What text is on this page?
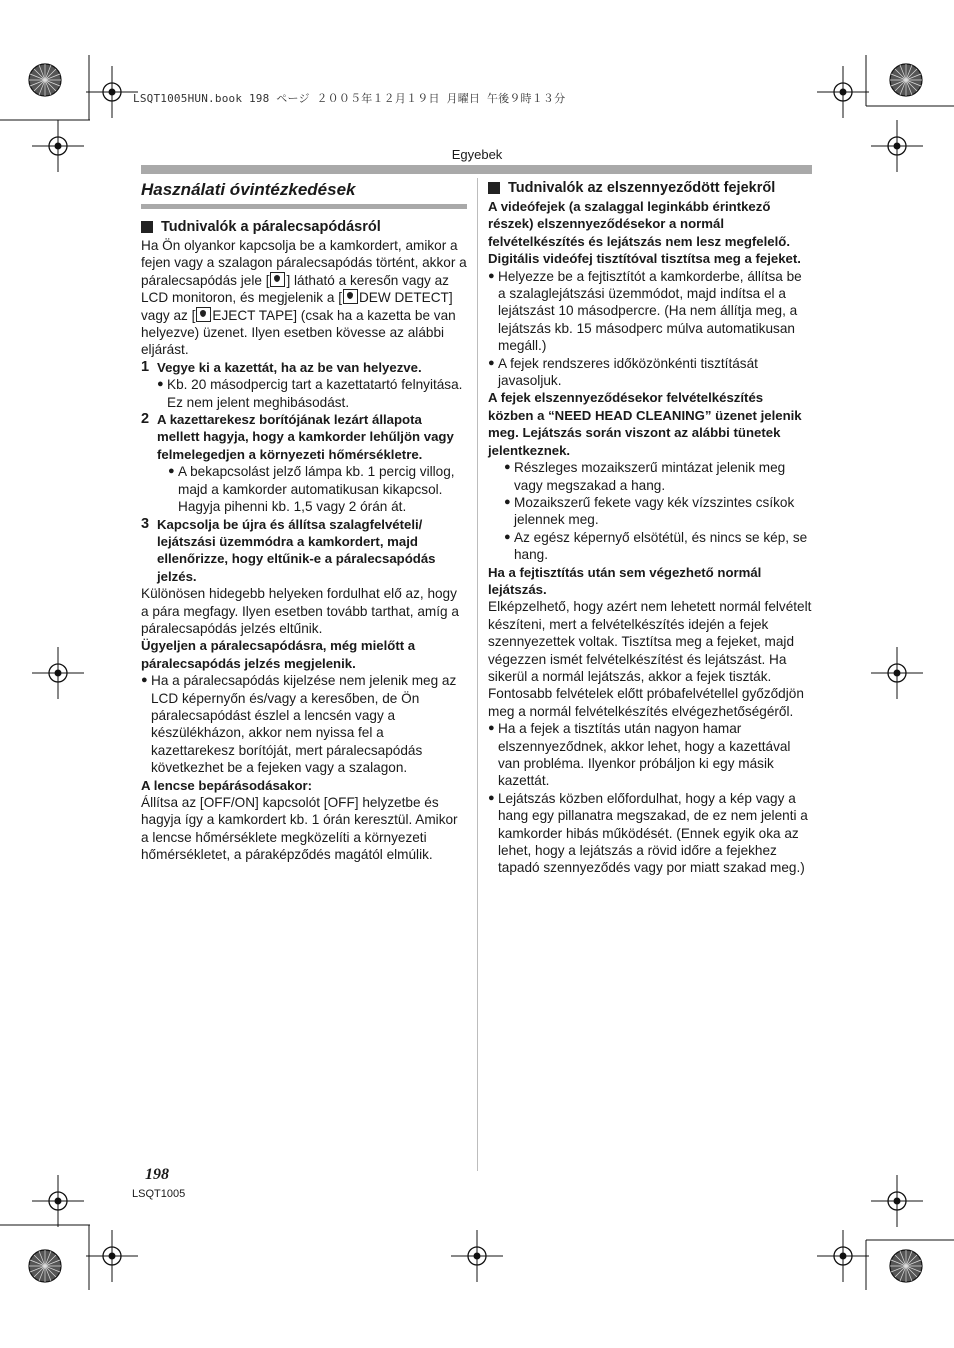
LSQT1005HUN.book 198 ページ ２００５年１２月１９日 月曜日 午後９時１３分
Egyebek
Használati óvintézkedések
Tudnivalók a páralecsapódásról

Ha Ön olyankor kapcsolja be a kamkordert, amikor a fejen vagy a szalagon páralecsapódás történt, akkor a páralecsapódás jele [ ] látható a keresőn vagy az LCD monitoron, és megjelenik a [ DEW DETECT] vagy az [ EJECT TAPE] (csak ha a kazetta be van helyezve) üzenet. Ilyen esetben kövesse az alábbi eljárást.

1 Vegye ki a kazettát, ha az be van helyezve.
● Kb. 20 másodpercig tart a kazettatartó felnyitása. Ez nem jelent meghibásodást.
2 A kazettarekesz borítójának lezárt állapota mellett hagyja, hogy a kamkorder lehűljön vagy felmelegedjen a környezeti hőmérsékletre.
● A bekapcsolást jelző lámpa kb. 1 percig villog, majd a kamkorder automatikusan kikapcsol. Hagyja pihenni kb. 1,5 vagy 2 órán át.
3 Kapcsolja be újra és állítsa szalagfelvételi/ lejátszási üzemmódra a kamkordert, majd ellenőrizze, hogy eltűnik-e a páralecsapódás jelzés.

Különösen hidegebb helyeken fordulhat elő az, hogy a pára megfagy. Ilyen esetben tovább tarthat, amíg a páralecsapódás jelzés eltűnik.

Ügyeljen a páralecsapódásra, még mielőtt a páralecsapódás jelzés megjelenik.

● Ha a páralecsapódás kijelzése nem jelenik meg az LCD képernyőn és/vagy a keresőben, de Ön páralecsapódást észlel a lencsén vagy a készülékházon, akkor nem nyissa fel a kazettarekesz borítóját, mert páralecsapódás következhet be a fejeken vagy a szalagon.

A lencse bepárásodásakor:

Állítsa az [OFF/ON] kapcsolót [OFF] helyzetbe és hagyja így a kamkordert kb. 1 órán keresztül. Amikor a lencse hőmérséklete megközelíti a környezeti hőmérsékletet, a páraképződés magától elmúlik.

Tudnivalók az elszennyeződött fejekről

A videófejek (a szalaggal leginkább érintkező részek) elszennyeződésekor a normál felvételkészítés és lejátszás nem lesz megfelelő. Digitális videófej tisztítóval tisztítsa meg a fejeket.

● Helyezze be a fejtisztítót a kamkorderbe, állítsa be a szalaglejátszási üzemmódot, majd indítsa el a lejátszást 10 másodpercre. (Ha nem állítja meg, a lejátszás kb. 15 másodperc múlva automatikusan megáll.)
● A fejek rendszeres időközönkénti tisztítását javasoljuk.

A fejek elszennyeződésekor felvételkészítés közben a “NEED HEAD CLEANING” üzenet jelenik meg. Lejátszás során viszont az alábbi tünetek jelentkeznek.

● Részleges mozaikszerű mintázat jelenik meg vagy megszakad a hang.
● Mozaikszerű fekete vagy kék vízszintes csíkok jelennek meg.
● Az egész képernyő elsötétül, és nincs se kép, se hang.

Ha a fejtisztítás után sem végezhető normál lejátszás.

Elképzelhető, hogy azért nem lehetett normál felvételt készíteni, mert a felvételkészítés idején a fejek szennyezettek voltak. Tisztítsa meg a fejeket, majd végezzen ismét felvételkészítést és lejátszást. Ha sikerül a normál lejátszás, akkor a fejek tiszták. Fontosabb felvételek előtt próbafelvétellel győződjön meg a normál felvételkészítés elvégezhetőségéről.

● Ha a fejek a tisztítás után nagyon hamar elszennyeződnek, akkor lehet, hogy a kazettával van probléma. Ilyenkor próbáljon ki egy másik kazettát.
● Lejátszás közben előfordulhat, hogy a kép vagy a hang egy pillanatra megszakad, de ez nem jelenti a kamkorder hibás működését. (Ennek egyik oka az lehet, hogy a lejátszás a rövid időre a fejekhez tapadó szennyeződés vagy por miatt szakad meg.)
198
LSQT1005
